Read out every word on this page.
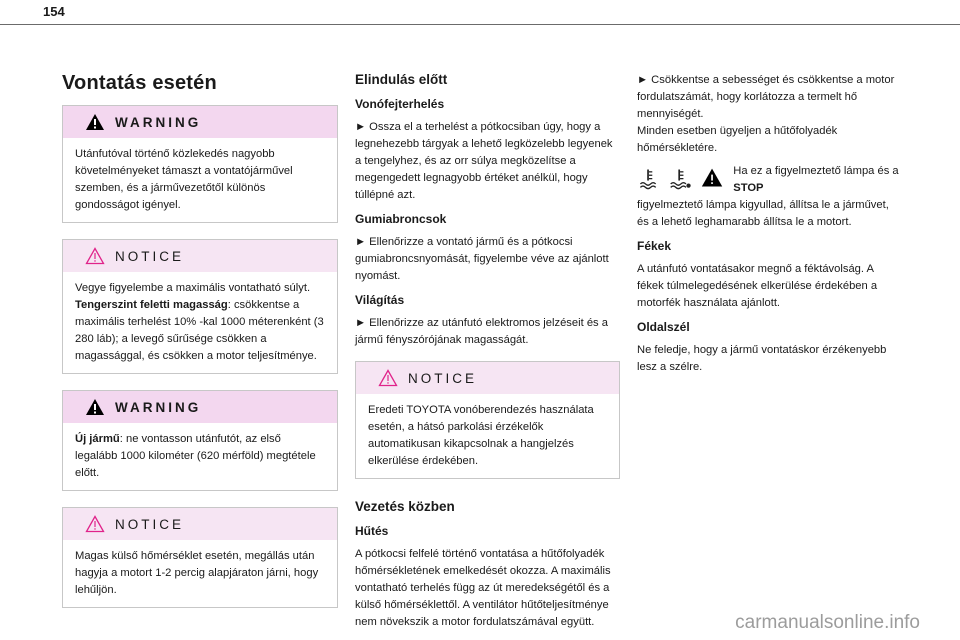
154
Vontatás esetén
WARNING

Utánfutóval történő közlekedés nagyobb követelményeket támaszt a vontatójárművel szemben, és a járművezetőtől különös gondosságot igényel.

NOTICE

Vegye figyelembe a maximális vontatható súlyt.
Tengerszint feletti magasság: csökkentse a maximális terhelést 10% -kal 1000 méterenként (3 280 láb); a levegő sűrűsége csökken a magassággal, és csökken a motor teljesítménye.

WARNING

Új jármű: ne vontasson utánfutót, az első legalább 1000 kilométer (620 mérföld) megtétele előtt.

NOTICE

Magas külső hőmérséklet esetén, megállás után hagyja a motort 1-2 percig alapjáraton járni, hogy lehűljön.

Elindulás előtt
Vonófejterhelés

► Ossza el a terhelést a pótkocsiban úgy, hogy a legnehezebb tárgyak a lehető legközelebb legyenek a tengelyhez, és az orr súlya megközelítse a megengedett legnagyobb értéket anélkül, hogy túllépné azt.

Gumiabroncsok

► Ellenőrizze a vontató jármű és a pótkocsi gumiabroncsnyomását, figyelembe véve az ajánlott nyomást.

Világítás

► Ellenőrizze az utánfutó elektromos jelzéseit és a jármű fényszórójának magasságát.

NOTICE

Eredeti TOYOTA vonóberendezés használata esetén, a hátsó parkolási érzékelők automatikusan kikapcsolnak a hangjelzés elkerülése érdekében.

Vezetés közben
Hűtés

A pótkocsi felfelé történő vontatása a hűtőfolyadék hőmérsékletének emelkedését okozza. A maximális vontatható terhelés függ az út meredekségétől és a külső hőmérséklettől. A ventilátor hűtőteljesítménye nem növekszik a motor fordulatszámával együtt.

► Csökkentse a sebességet és csökkentse a motor fordulatszámát, hogy korlátozza a termelt hő mennyiségét.
Minden esetben ügyeljen a hűtőfolyadék hőmérsékletére.

Ha ez a figyelmeztető lámpa és a STOP

figyelmeztető lámpa kigyullad, állítsa le a járművet, és a lehető leghamarabb állítsa le a motort.

Fékek

A utánfutó vontatásakor megnő a féktávolság. A fékek túlmelegedésének elkerülése érdekében a motorfék használata ajánlott.

Oldalszél

Ne feledje, hogy a jármű vontatáskor érzékenyebb lesz a szélre.

carmanualsonline.info
